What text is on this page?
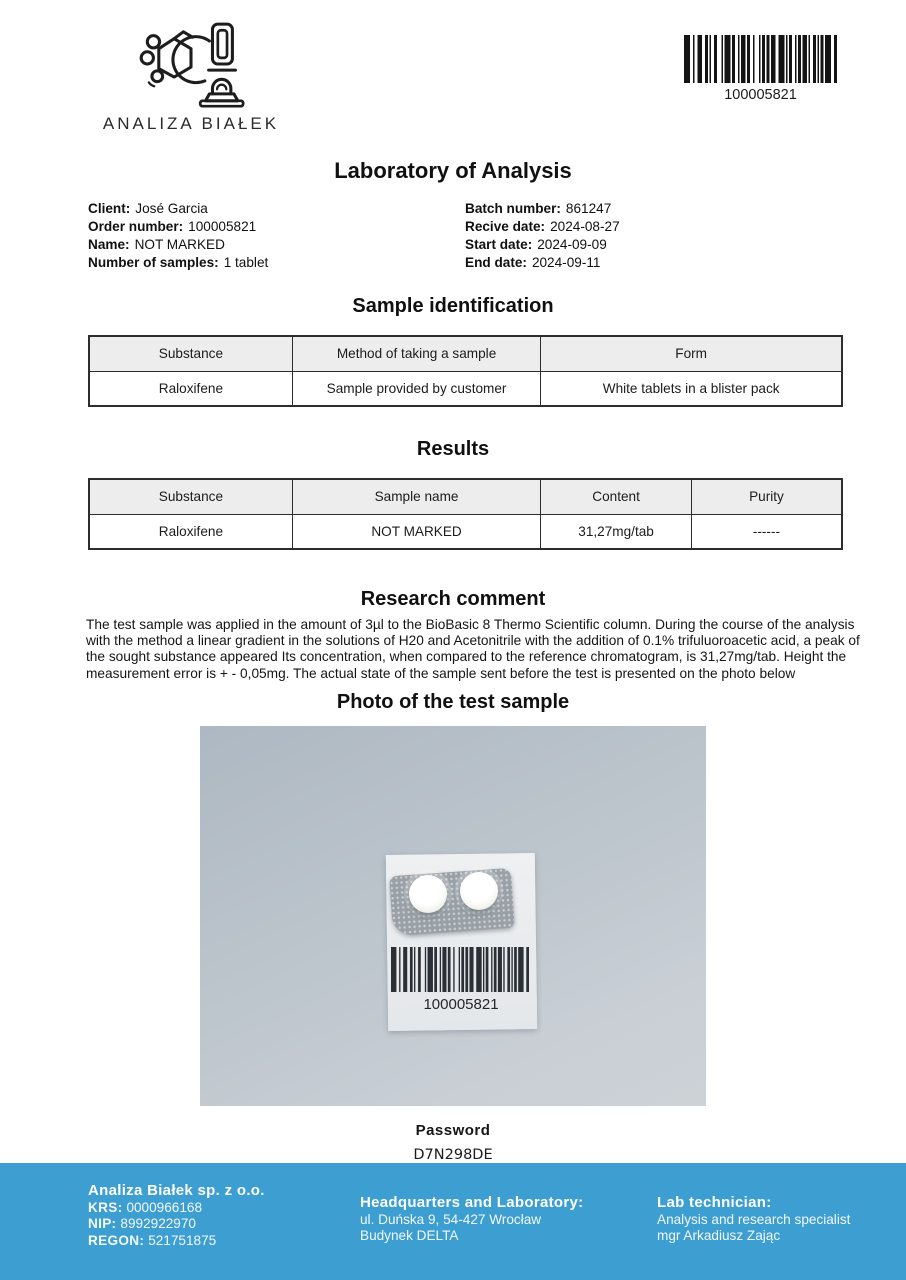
ANALIZA BIAŁEK
100005821
Laboratory of Analysis
Client: José Garcia
Order number: 100005821
Name: NOT MARKED
Number of samples: 1 tablet
Batch number: 861247
Recive date: 2024-08-27
Start date: 2024-09-09
End date: 2024-09-11
Sample identification
Substance	Method of taking a sample	Form
Raloxifene	Sample provided by customer	White tablets in a blister pack
Results
Substance	Sample name	Content	Purity
Raloxifene	NOT MARKED	31,27mg/tab	------
Research comment

The test sample was applied in the amount of 3µl to the BioBasic 8 Thermo Scientific column. During the course of the analysis with the method a linear gradient in the solutions of H20 and Acetonitrile with the addition of 0.1% trifuluoroacetic acid, a peak of the sought substance appeared Its concentration, when compared to the reference chromatogram, is 31,27mg/tab. Height the measurement error is + - 0,05mg. The actual state of the sample sent before the test is presented on the photo below

Photo of the test sample
100005821
Password
D7N298DE
Analiza Białek sp. z o.o.
KRS: 0000966168
NIP: 8992922970
REGON: 521751875
Headquarters and Laboratory:
ul. Duńska 9, 54-427 Wrocław
Budynek DELTA
Lab technician:
Analysis and research specialist
mgr Arkadiusz Zając
